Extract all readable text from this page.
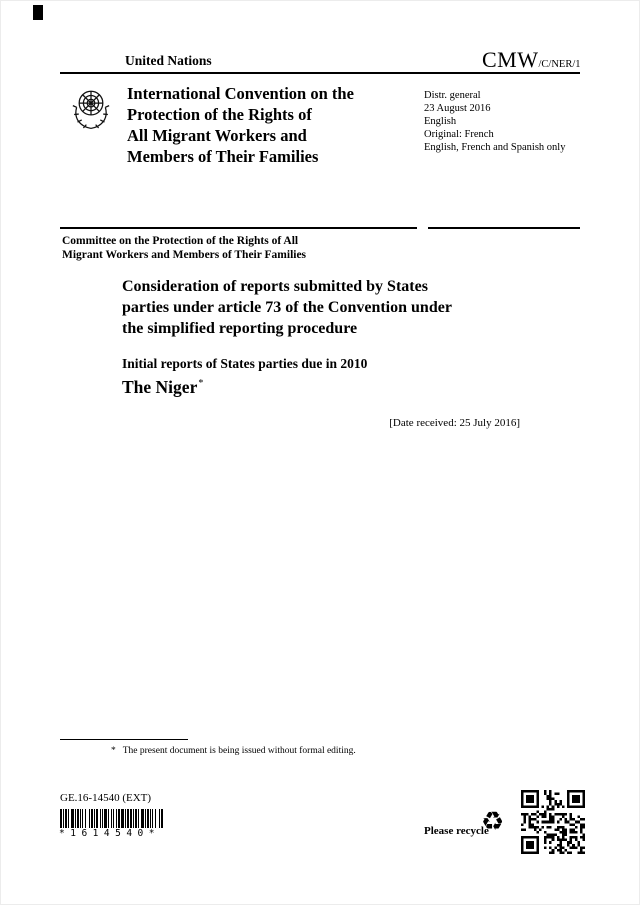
United Nations	CMW/C/NER/1
International Convention on the
Protection of the Rights of
All Migrant Workers and
Members of Their Families
Distr. general
23 August 2016
English
Original: French
English, French and Spanish only
Committee on the Protection of the Rights of All
Migrant Workers and Members of Their Families
Consideration of reports submitted by States
parties under article 73 of the Convention under
the simplified reporting procedure
Initial reports of States parties due in 2010
The Niger*
[Date received: 25 July 2016]
* The present document is being issued without formal editing.
GE.16-14540 (EXT)
*1614540*	Please recycle
♻
